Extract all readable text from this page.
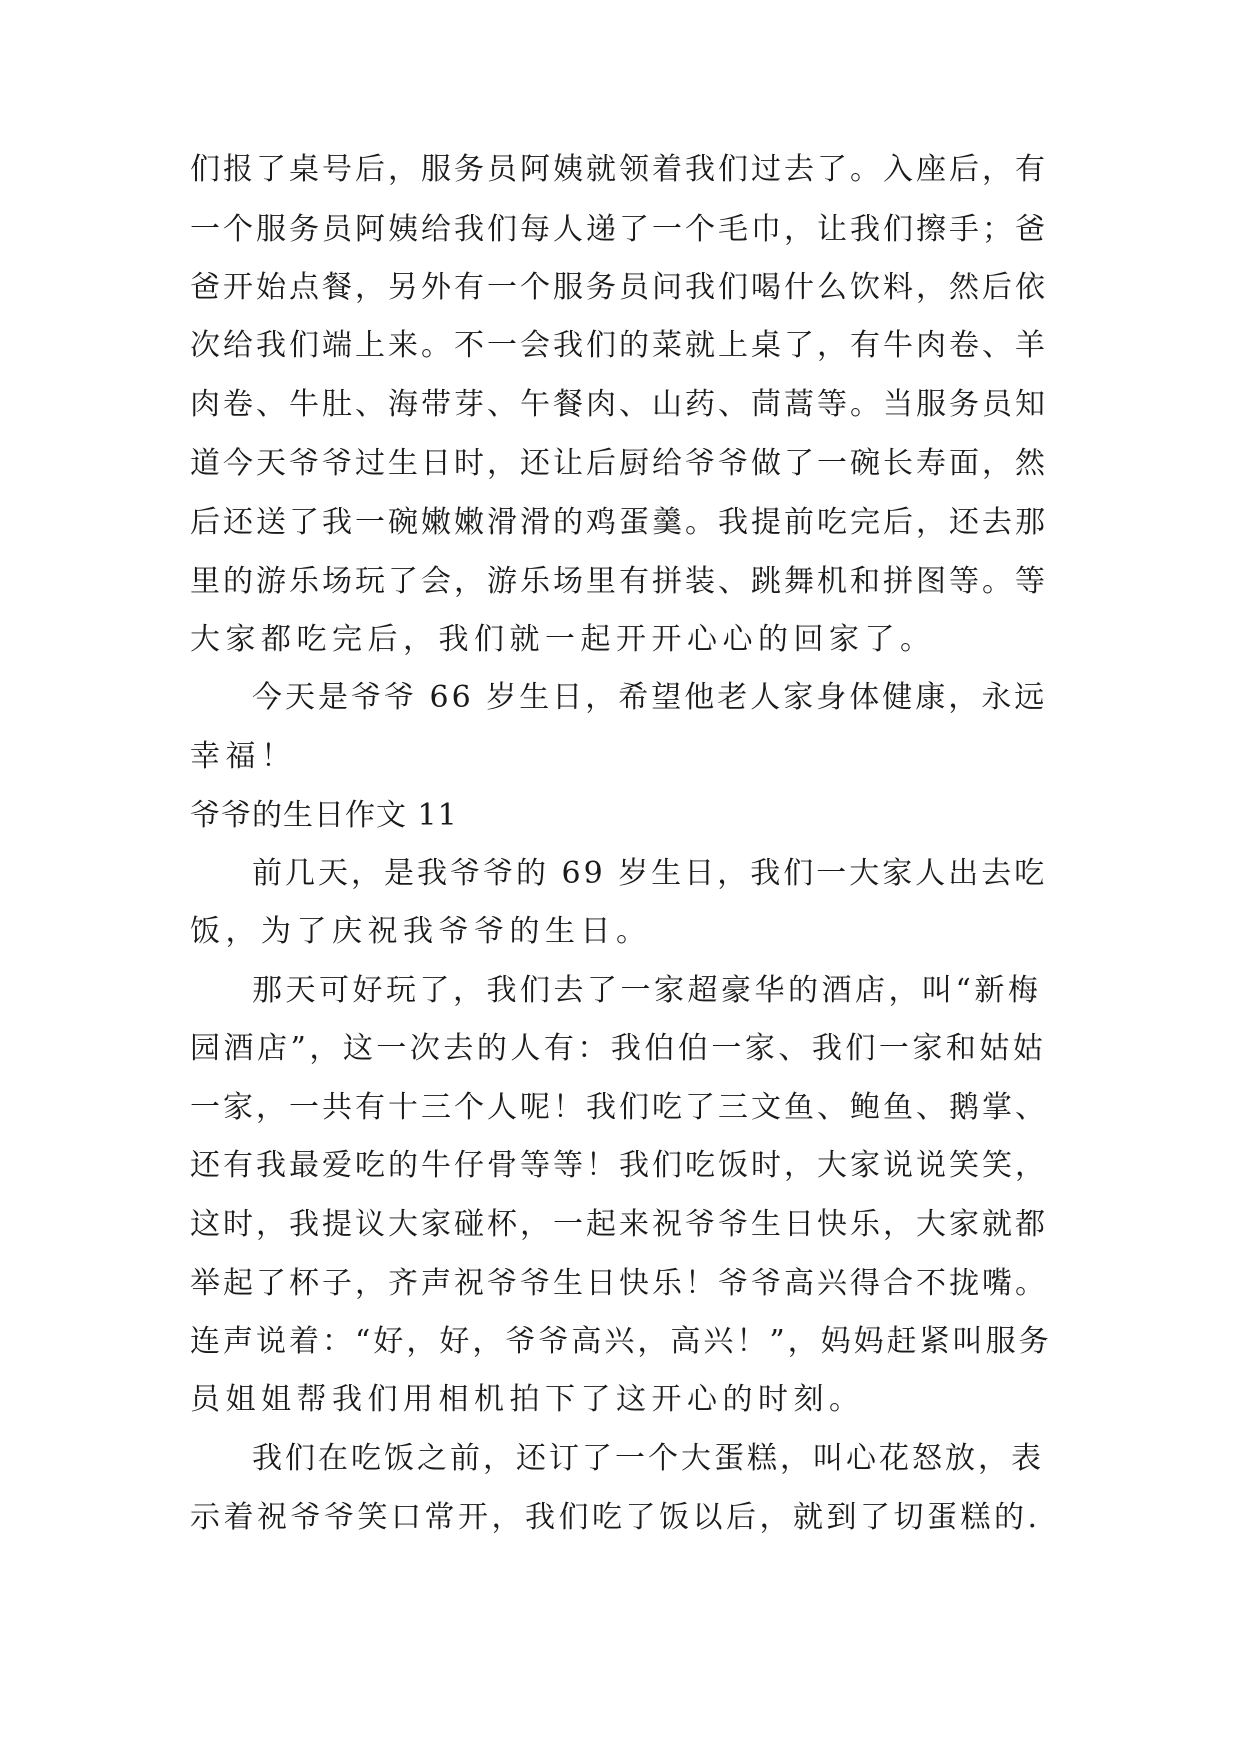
们报了桌号后，服务员阿姨就领着我们过去了。入座后，有
一个服务员阿姨给我们每人递了一个毛巾，让我们擦手；爸
爸开始点餐，另外有一个服务员问我们喝什么饮料，然后依
次给我们端上来。不一会我们的菜就上桌了，有牛肉卷、羊
肉卷、牛肚、海带芽、午餐肉、山药、茼蒿等。当服务员知
道今天爷爷过生日时，还让后厨给爷爷做了一碗长寿面，然
后还送了我一碗嫩嫩滑滑的鸡蛋羹。我提前吃完后，还去那
里的游乐场玩了会，游乐场里有拼装、跳舞机和拼图等。等
大家都吃完后，我们就一起开开心心的回家了。
今天是爷爷 66 岁生日，希望他老人家身体健康，永远
幸福！
爷爷的生日作文 11
前几天，是我爷爷的 69 岁生日，我们一大家人出去吃
饭，为了庆祝我爷爷的生日。
那天可好玩了，我们去了一家超豪华的酒店，叫“新梅
园酒店”，这一次去的人有：我伯伯一家、我们一家和姑姑
一家，一共有十三个人呢！我们吃了三文鱼、鲍鱼、鹅掌、
还有我最爱吃的牛仔骨等等！我们吃饭时，大家说说笑笑，
这时，我提议大家碰杯，一起来祝爷爷生日快乐，大家就都
举起了杯子，齐声祝爷爷生日快乐！爷爷高兴得合不拢嘴。
连声说着：“好，好，爷爷高兴，高兴！”，妈妈赶紧叫服务
员姐姐帮我们用相机拍下了这开心的时刻。
我们在吃饭之前，还订了一个大蛋糕，叫心花怒放，表
示着祝爷爷笑口常开，我们吃了饭以后，就到了切蛋糕的.
